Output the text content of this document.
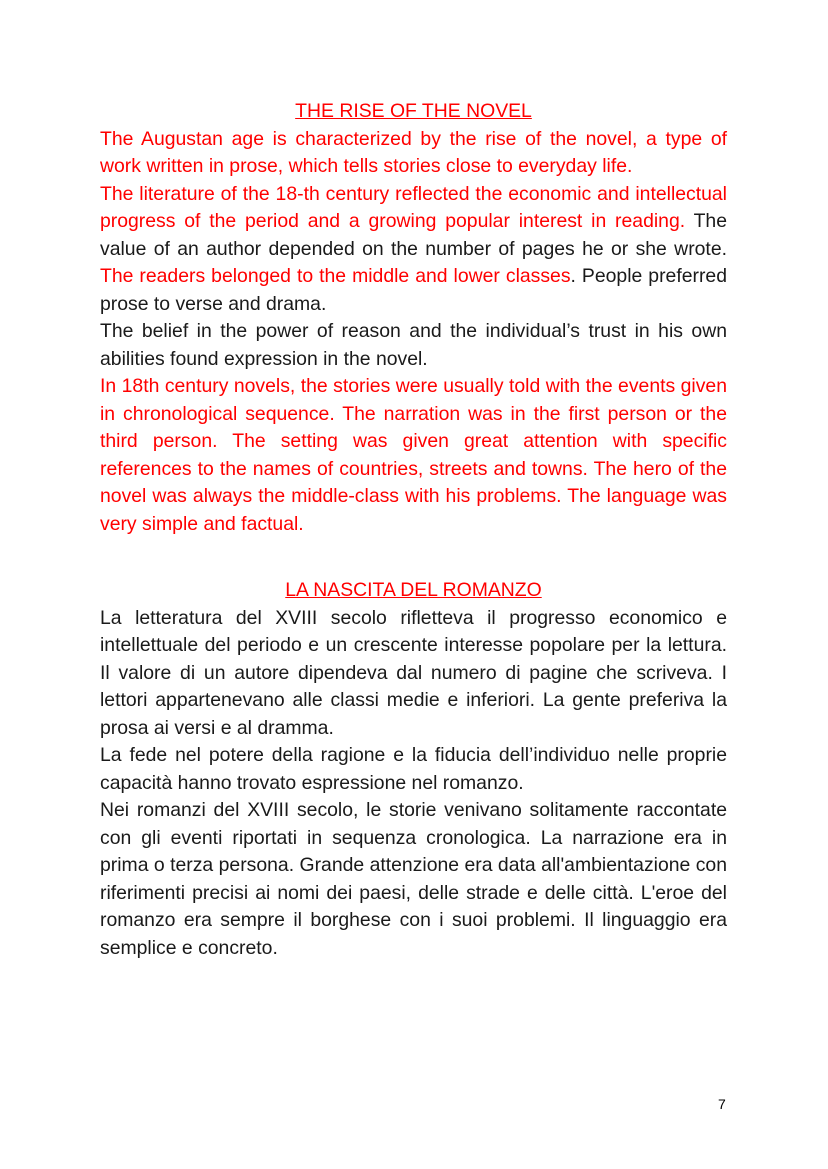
THE RISE OF THE NOVEL

The Augustan age is characterized by the rise of the novel, a type of work written in prose, which tells stories close to everyday life.

The literature of the 18-th century reflected the economic and intellectual progress of the period and a growing popular interest in reading. The value of an author depended on the number of pages he or she wrote. The readers belonged to the middle and lower classes. People preferred prose to verse and drama.

The belief in the power of reason and the individual’s trust in his own abilities found expression in the novel.

In 18th century novels, the stories were usually told with the events given in chronological sequence. The narration was in the first person or the third person. The setting was given great attention with specific references to the names of countries, streets and towns. The hero of the novel was always the middle-class with his problems. The language was very simple and factual.

LA NASCITA DEL ROMANZO

La letteratura del XVIII secolo rifletteva il progresso economico e intellettuale del periodo e un crescente interesse popolare per la lettura. Il valore di un autore dipendeva dal numero di pagine che scriveva. I lettori appartenevano alle classi medie e inferiori. La gente preferiva la prosa ai versi e al dramma.

La fede nel potere della ragione e la fiducia dell’individuo nelle proprie capacità hanno trovato espressione nel romanzo.

Nei romanzi del XVIII secolo, le storie venivano solitamente raccontate con gli eventi riportati in sequenza cronologica. La narrazione era in prima o terza persona. Grande attenzione era data all'ambientazione con riferimenti precisi ai nomi dei paesi, delle strade e delle città. L'eroe del romanzo era sempre il borghese con i suoi problemi. Il linguaggio era semplice e concreto.

7
